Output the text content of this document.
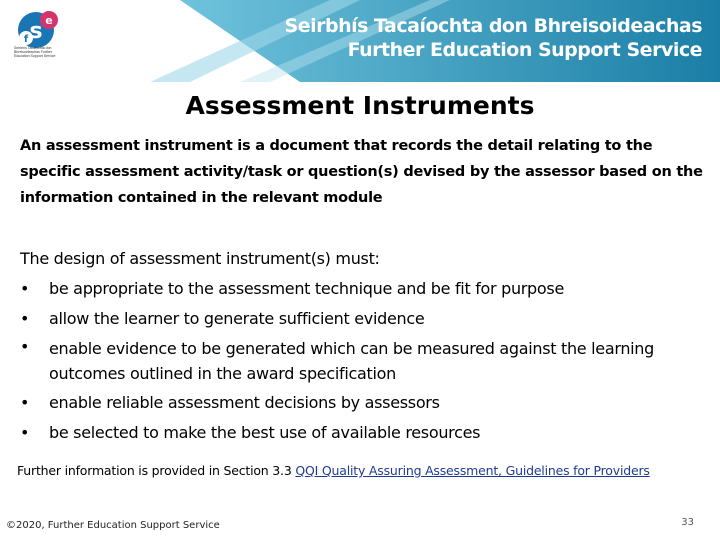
s e
f
Seirbhís Tacaíochta don Bhreisoideachas Further Education Support Service
Seirbhís Tacaíochta don Bhreisoideachas
Further Education Support Service
Assessment Instruments
An assessment instrument is a document that records the detail relating to the specific assessment activity/task or question(s) devised by the assessor based on the information contained in the relevant module
The design of assessment instrument(s) must:
• be appropriate to the assessment technique and be fit for purpose
• allow the learner to generate sufficient evidence
• enable evidence to be generated which can be measured against the learning outcomes outlined in the award specification
• enable reliable assessment decisions by assessors
• be selected to make the best use of available resources
Further information is provided in Section 3.3 QQI Quality Assuring Assessment, Guidelines for Providers
©2020, Further Education Support Service	33
